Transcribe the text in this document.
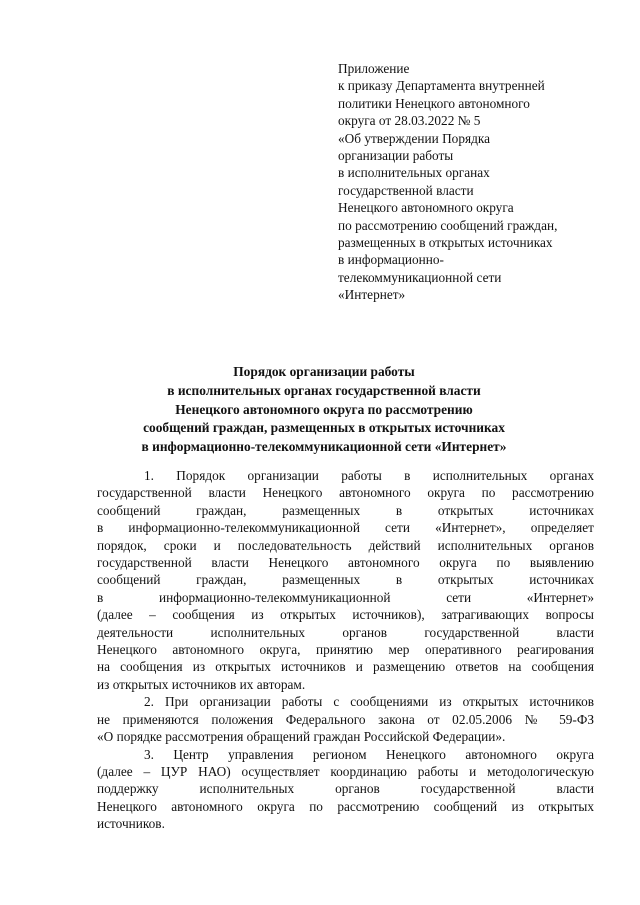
Приложение
к приказу Департамента внутренней
политики Ненецкого автономного
округа от 28.03.2022 № 5
«Об утверждении Порядка
организации работы
в исполнительных органах
государственной власти
Ненецкого автономного округа
по рассмотрению сообщений граждан,
размещенных в открытых источниках
в информационно-
телекоммуникационной сети
«Интернет»
Порядок организации работы
в исполнительных органах государственной власти
Ненецкого автономного округа по рассмотрению
сообщений граждан, размещенных в открытых источниках
в информационно-телекоммуникационной сети «Интернет»
1. Порядок организации работы в исполнительных органах
государственной власти Ненецкого автономного округа по рассмотрению
сообщений граждан, размещенных в открытых источниках
в информационно-телекоммуникационной сети «Интернет», определяет
порядок, сроки и последовательность действий исполнительных органов
государственной власти Ненецкого автономного округа по выявлению
сообщений граждан, размещенных в открытых источниках
в информационно-телекоммуникационной сети «Интернет»
(далее – сообщения из открытых источников), затрагивающих вопросы
деятельности исполнительных органов государственной власти
Ненецкого автономного округа, принятию мер оперативного реагирования
на сообщения из открытых источников и размещению ответов на сообщения
из открытых источников их авторам.
2. При организации работы с сообщениями из открытых источников
не применяются положения Федерального закона от 02.05.2006 № 59-ФЗ
«О порядке рассмотрения обращений граждан Российской Федерации».
3. Центр управления регионом Ненецкого автономного округа
(далее – ЦУР НАО) осуществляет координацию работы и методологическую
поддержку исполнительных органов государственной власти
Ненецкого автономного округа по рассмотрению сообщений из открытых
источников.
